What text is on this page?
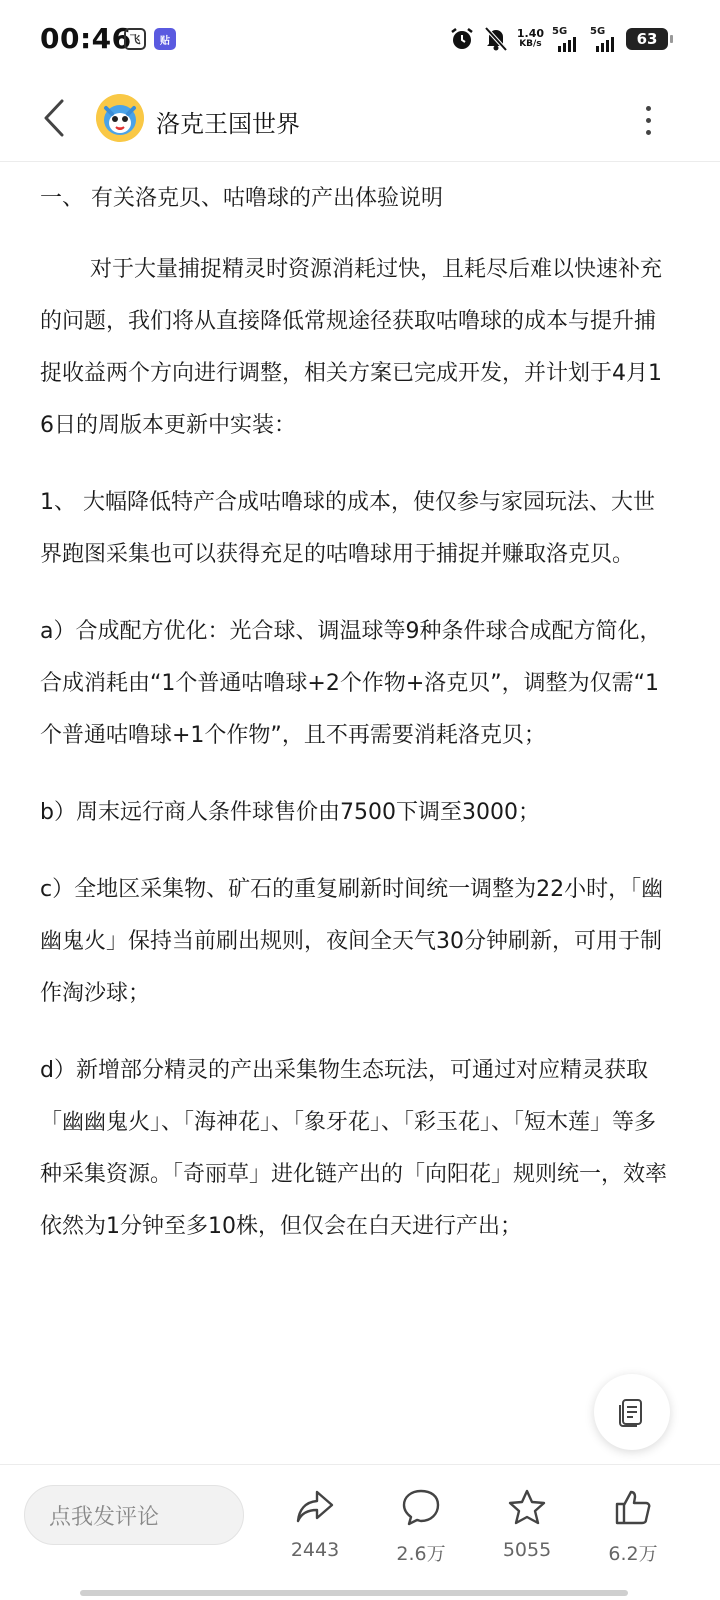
00:46
飞	贴
1.40
KB/s
5G 5G	63
洛克王国世界
一、 有关洛克贝、咕噜球的产出体验说明
对于大量捕捉精灵时资源消耗过快，且耗尽后难以快速补充的问题，我们将从直接降低常规途径获取咕噜球的成本与提升捕捉收益两个方向进行调整，相关方案已完成开发，并计划于4月16日的周版本更新中实装：
1、 大幅降低特产合成咕噜球的成本，使仅参与家园玩法、大世界跑图采集也可以获得充足的咕噜球用于捕捉并赚取洛克贝。
a）合成配方优化：光合球、调温球等9种条件球合成配方简化，合成消耗由“1个普通咕噜球+2个作物+洛克贝”，调整为仅需“1个普通咕噜球+1个作物”，且不再需要消耗洛克贝；
b）周末远行商人条件球售价由7500下调至3000；
c）全地区采集物、矿石的重复刷新时间统一调整为22小时，「幽幽鬼火」保持当前刷出规则，夜间全天气30分钟刷新，可用于制作淘沙球；
d）新增部分精灵的产出采集物生态玩法，可通过对应精灵获取「幽幽鬼火」、「海神花」、「象牙花」、「彩玉花」、「短木莲」等多种采集资源。「奇丽草」进化链产出的「向阳花」规则统一，效率依然为1分钟至多10株，但仅会在白天进行产出；
点我发评论
2443	2.6万	5055	6.2万
